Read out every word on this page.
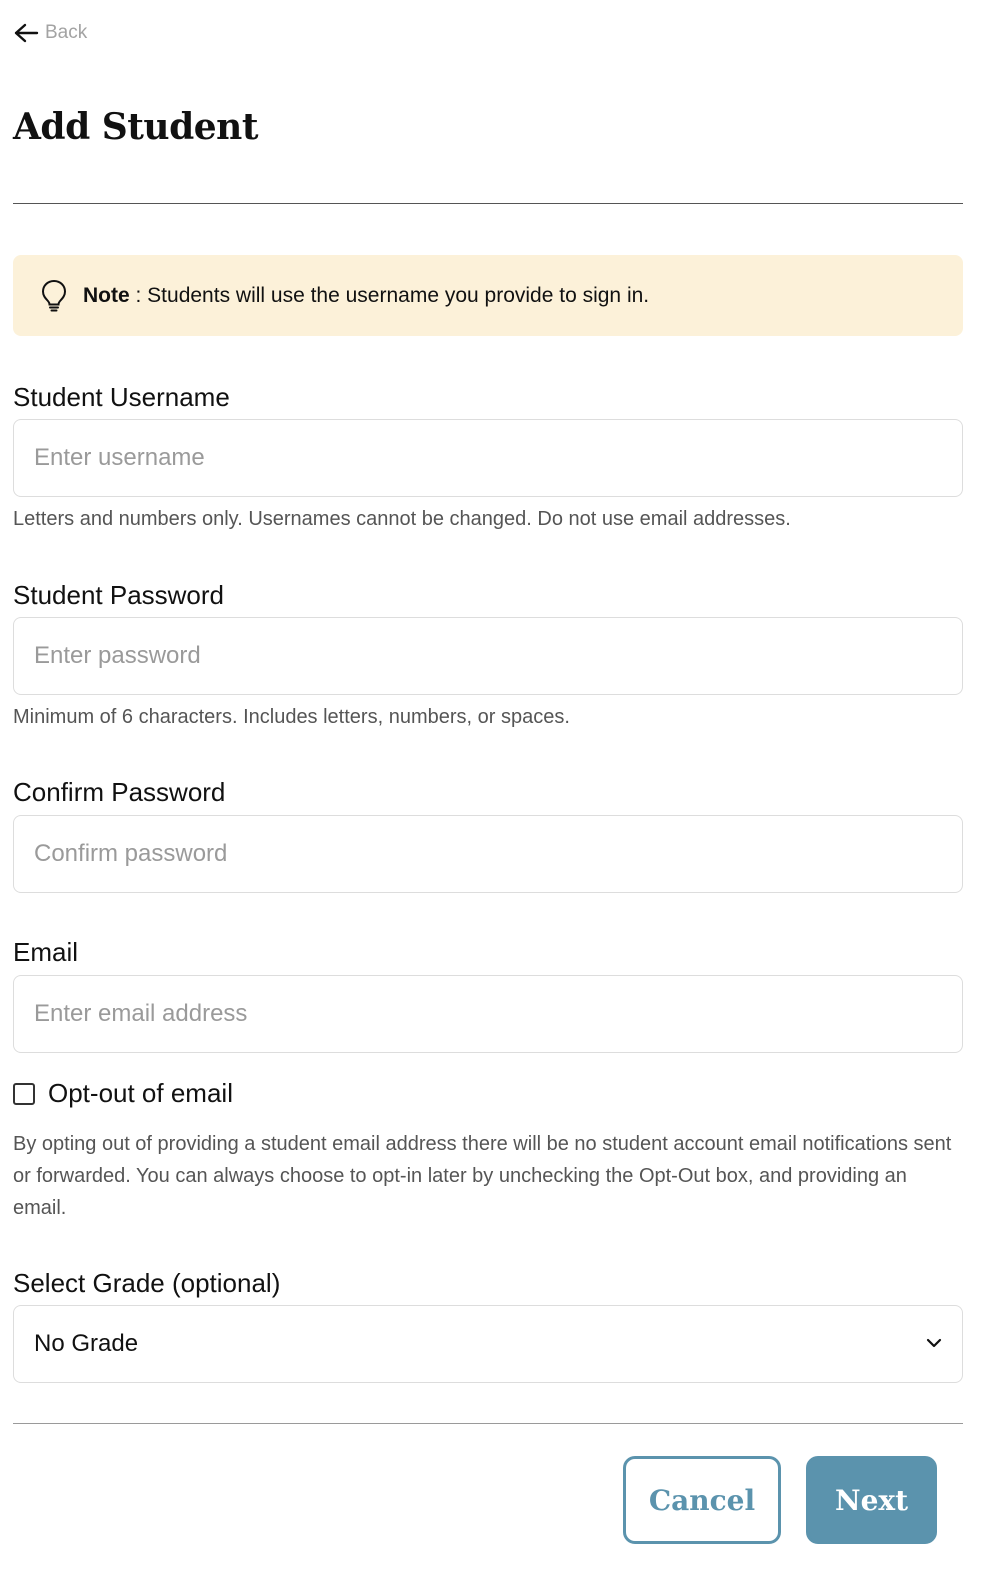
Back
Add Student
Note : Students will use the username you provide to sign in.

Student Username

Enter username

Letters and numbers only. Usernames cannot be changed. Do not use email addresses.

Student Password

Minimum of 6 characters. Includes letters, numbers, or spaces.

Confirm Password

Email

Enter email address
Opt-out of email

By opting out of providing a student email address there will be no student account email notifications sent or forwarded. You can always choose to opt-in later by unchecking the Opt-Out box, and providing an email.

Select Grade (optional)

No Grade
Cancel	Next
